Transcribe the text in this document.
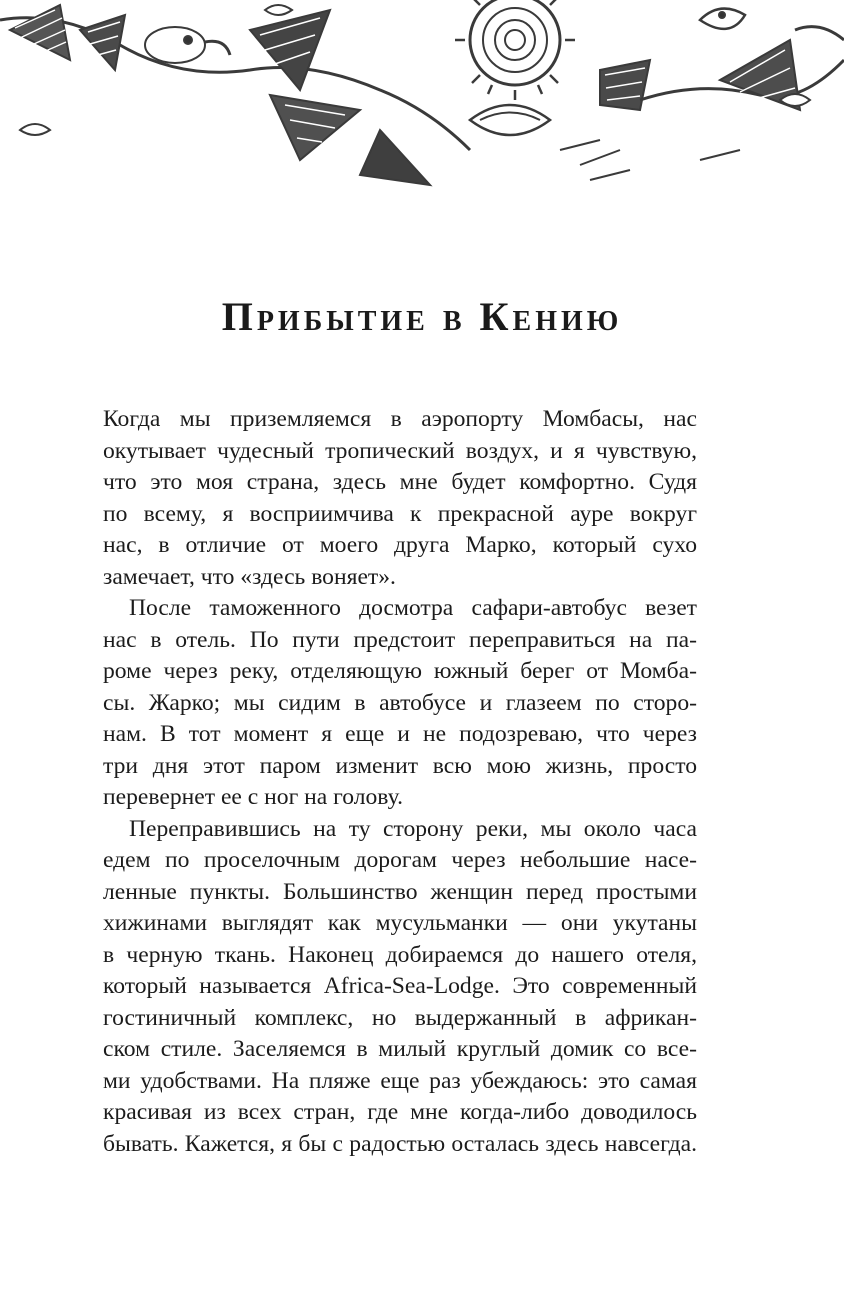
Прибытие в Кению
Когда мы приземляемся в аэропорту Момбасы, нас
окутывает чудесный тропический воздух, и я чувствую,
что это моя страна, здесь мне будет комфортно. Судя
по всему, я восприимчива к прекрасной ауре вокруг
нас, в отличие от моего друга Марко, который сухо
замечает, что «здесь воняет».
После таможенного досмотра сафари-автобус везет
нас в отель. По пути предстоит переправиться на па-
роме через реку, отделяющую южный берег от Момба-
сы. Жарко; мы сидим в автобусе и глазеем по сторо-
нам. В тот момент я еще и не подозреваю, что через
три дня этот паром изменит всю мою жизнь, просто
перевернет ее с ног на голову.
Переправившись на ту сторону реки, мы около часа
едем по проселочным дорогам через небольшие насе-
ленные пункты. Большинство женщин перед простыми
хижинами выглядят как мусульманки — они укутаны
в черную ткань. Наконец добираемся до нашего отеля,
который называется Africa-Sea-Lodge. Это современный
гостиничный комплекс, но выдержанный в африкан-
ском стиле. Заселяемся в милый круглый домик со все-
ми удобствами. На пляже еще раз убеждаюсь: это самая
красивая из всех стран, где мне когда-либо доводилось
бывать. Кажется, я бы с радостью осталась здесь навсегда.
